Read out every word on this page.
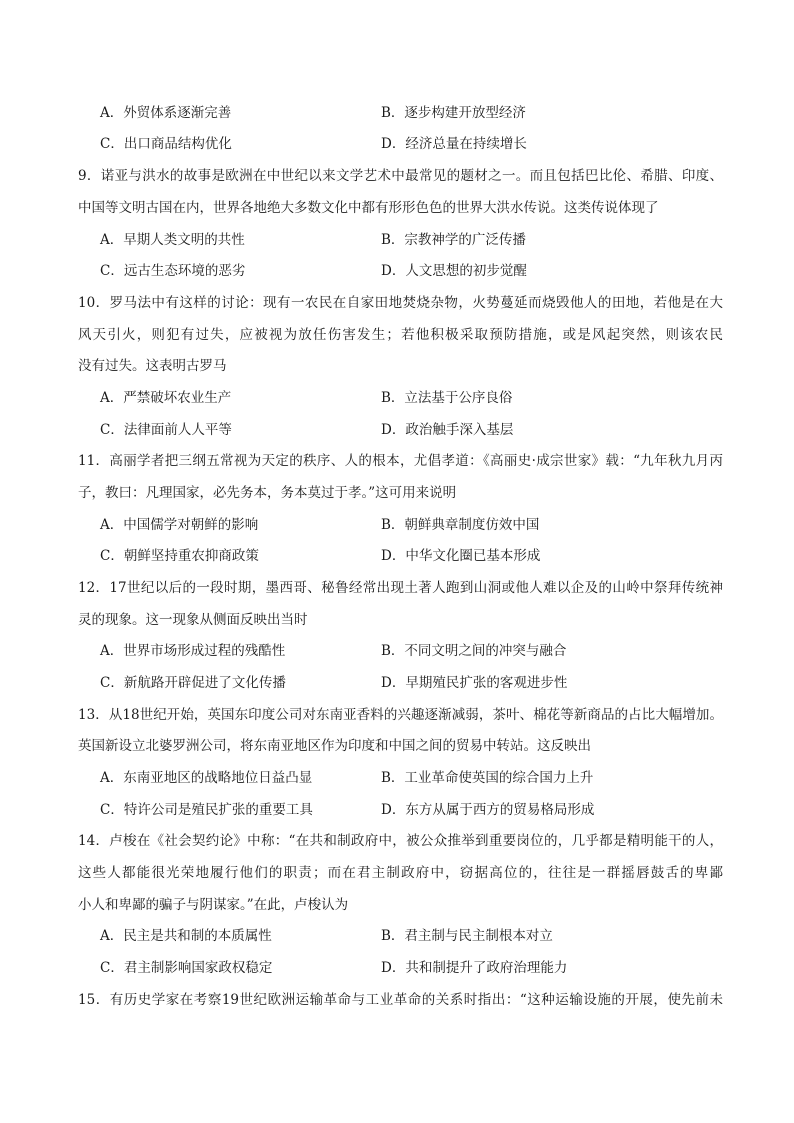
A．外贸体系逐渐完善	B．逐步构建开放型经济
C．出口商品结构优化	D．经济总量在持续增长
9．诺亚与洪水的故事是欧洲在中世纪以来文学艺术中最常见的题材之一。而且包括巴比伦、希腊、印度、
中国等文明古国在内，世界各地绝大多数文化中都有形形色色的世界大洪水传说。这类传说体现了
A．早期人类文明的共性	B．宗教神学的广泛传播
C．远古生态环境的恶劣	D．人文思想的初步觉醒
10．罗马法中有这样的讨论：现有一农民在自家田地焚烧杂物，火势蔓延而烧毁他人的田地，若他是在大
风天引火，则犯有过失，应被视为放任伤害发生；若他积极采取预防措施，或是风起突然，则该农民
没有过失。这表明古罗马
A．严禁破坏农业生产	B．立法基于公序良俗
C．法律面前人人平等	D．政治触手深入基层
11．高丽学者把三纲五常视为天定的秩序、人的根本，尤倡孝道：《高丽史·成宗世家》载：“九年秋九月丙
子，教曰：凡理国家，必先务本，务本莫过于孝。”这可用来说明
A．中国儒学对朝鲜的影响	B．朝鲜典章制度仿效中国
C．朝鲜坚持重农抑商政策	D．中华文化圈已基本形成
12．17世纪以后的一段时期，墨西哥、秘鲁经常出现土著人跑到山洞或他人难以企及的山岭中祭拜传统神
灵的现象。这一现象从侧面反映出当时
A．世界市场形成过程的残酷性	B．不同文明之间的冲突与融合
C．新航路开辟促进了文化传播	D．早期殖民扩张的客观进步性
13．从18世纪开始，英国东印度公司对东南亚香料的兴趣逐渐减弱，茶叶、棉花等新商品的占比大幅增加。
英国新设立北婆罗洲公司，将东南亚地区作为印度和中国之间的贸易中转站。这反映出
A．东南亚地区的战略地位日益凸显	B．工业革命使英国的综合国力上升
C．特许公司是殖民扩张的重要工具	D．东方从属于西方的贸易格局形成
14．卢梭在《社会契约论》中称：“在共和制政府中，被公众推举到重要岗位的，几乎都是精明能干的人，
这些人都能很光荣地履行他们的职责；而在君主制政府中，窃据高位的，往往是一群摇唇鼓舌的卑鄙
小人和卑鄙的骗子与阴谋家。”在此，卢梭认为
A．民主是共和制的本质属性	B．君主制与民主制根本对立
C．君主制影响国家政权稳定	D．共和制提升了政府治理能力
15．有历史学家在考察19世纪欧洲运输革命与工业革命的关系时指出：“这种运输设施的开展，使先前未
